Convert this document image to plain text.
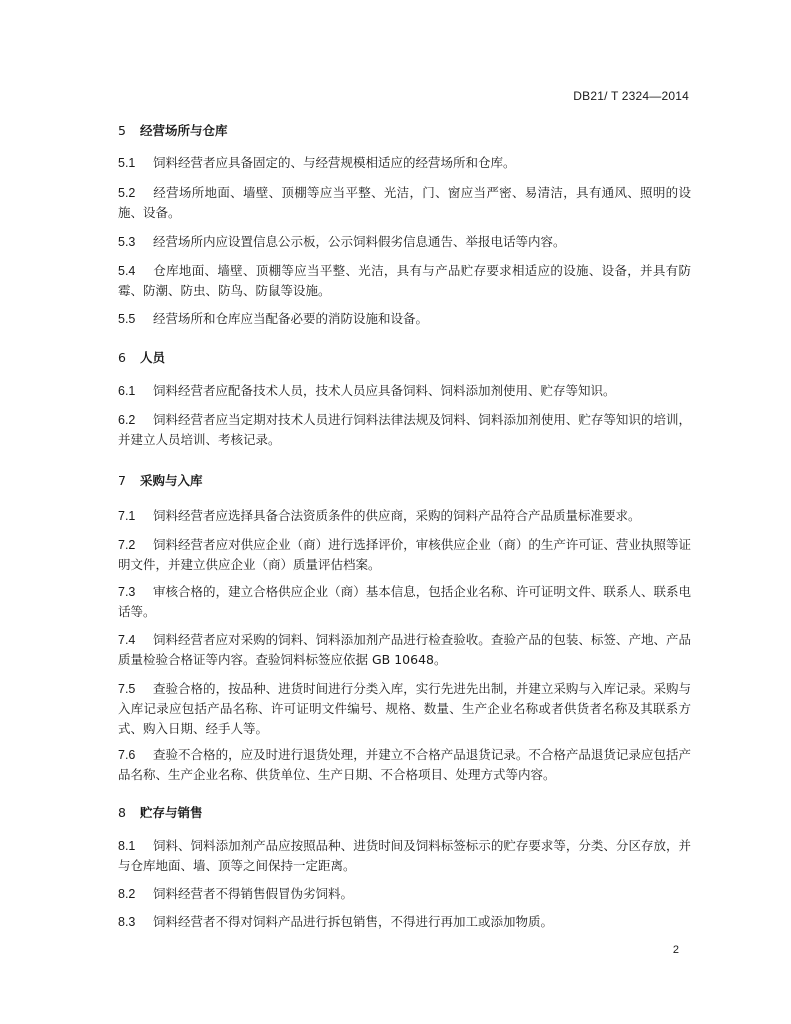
DB21/ T 2324—2014
5 经营场所与仓库
5.1 饲料经营者应具备固定的、与经营规模相适应的经营场所和仓库。
5.2 经营场所地面、墙壁、顶棚等应当平整、光洁，门、窗应当严密、易清洁，具有通风、照明的设施、设备。
5.3 经营场所内应设置信息公示板，公示饲料假劣信息通告、举报电话等内容。
5.4 仓库地面、墙壁、顶棚等应当平整、光洁，具有与产品贮存要求相适应的设施、设备，并具有防霉、防潮、防虫、防鸟、防鼠等设施。
5.5 经营场所和仓库应当配备必要的消防设施和设备。
6 人员
6.1 饲料经营者应配备技术人员，技术人员应具备饲料、饲料添加剂使用、贮存等知识。
6.2 饲料经营者应当定期对技术人员进行饲料法律法规及饲料、饲料添加剂使用、贮存等知识的培训，并建立人员培训、考核记录。
7 采购与入库
7.1 饲料经营者应选择具备合法资质条件的供应商，采购的饲料产品符合产品质量标准要求。
7.2 饲料经营者应对供应企业（商）进行选择评价，审核供应企业（商）的生产许可证、营业执照等证明文件，并建立供应企业（商）质量评估档案。
7.3 审核合格的，建立合格供应企业（商）基本信息，包括企业名称、许可证明文件、联系人、联系电话等。
7.4 饲料经营者应对采购的饲料、饲料添加剂产品进行检查验收。查验产品的包装、标签、产地、产品质量检验合格证等内容。查验饲料标签应依据 GB 10648。
7.5 查验合格的，按品种、进货时间进行分类入库，实行先进先出制，并建立采购与入库记录。采购与入库记录应包括产品名称、许可证明文件编号、规格、数量、生产企业名称或者供货者名称及其联系方式、购入日期、经手人等。
7.6 查验不合格的，应及时进行退货处理，并建立不合格产品退货记录。不合格产品退货记录应包括产品名称、生产企业名称、供货单位、生产日期、不合格项目、处理方式等内容。
8 贮存与销售
8.1 饲料、饲料添加剂产品应按照品种、进货时间及饲料标签标示的贮存要求等，分类、分区存放，并与仓库地面、墙、顶等之间保持一定距离。
8.2 饲料经营者不得销售假冒伪劣饲料。
8.3 饲料经营者不得对饲料产品进行拆包销售，不得进行再加工或添加物质。
2
